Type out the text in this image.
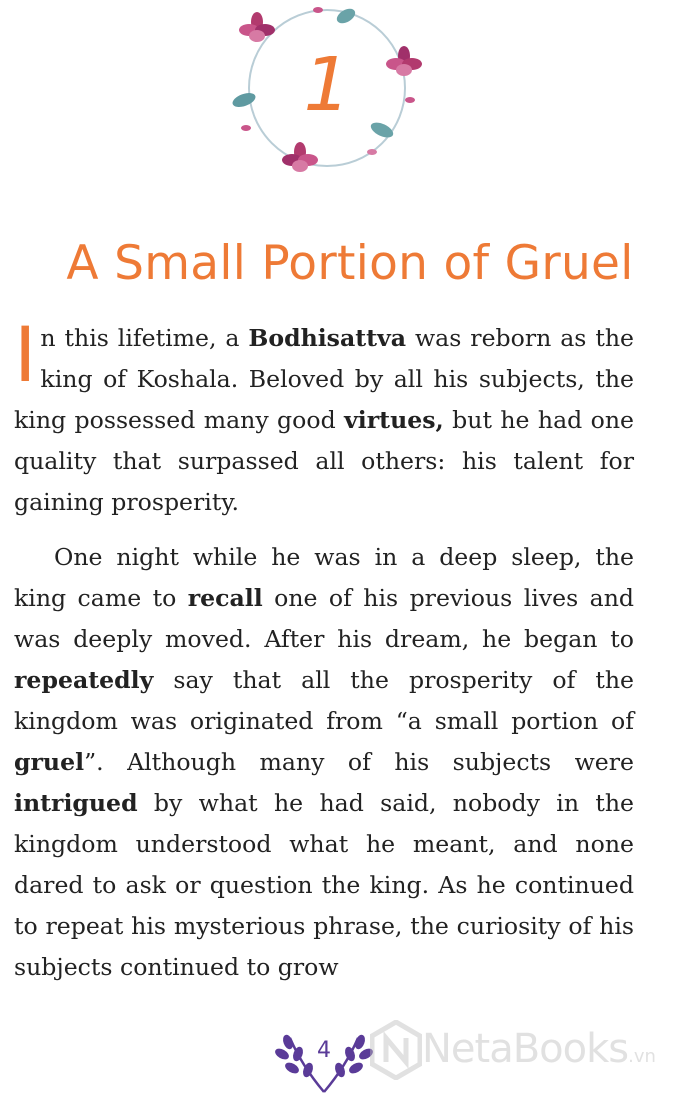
1
A Small Portion of Gruel

In this lifetime, a Bodhisattva was reborn as the king of Koshala. Beloved by all his subjects, the king possessed many good virtues, but he had one quality that surpassed all others: his talent for gaining prosperity.

One night while he was in a deep sleep, the king came to recall one of his previous lives and was deeply moved. After his dream, he began to repeatedly say that all the prosperity of the kingdom was originated from “a small portion of gruel”. Although many of his subjects were intrigued by what he had said, nobody in the kingdom understood what he meant, and none dared to ask or question the king. As he continued to repeat his mysterious phrase, the curiosity of his subjects continued to grow

4	NetaBooks.vn
